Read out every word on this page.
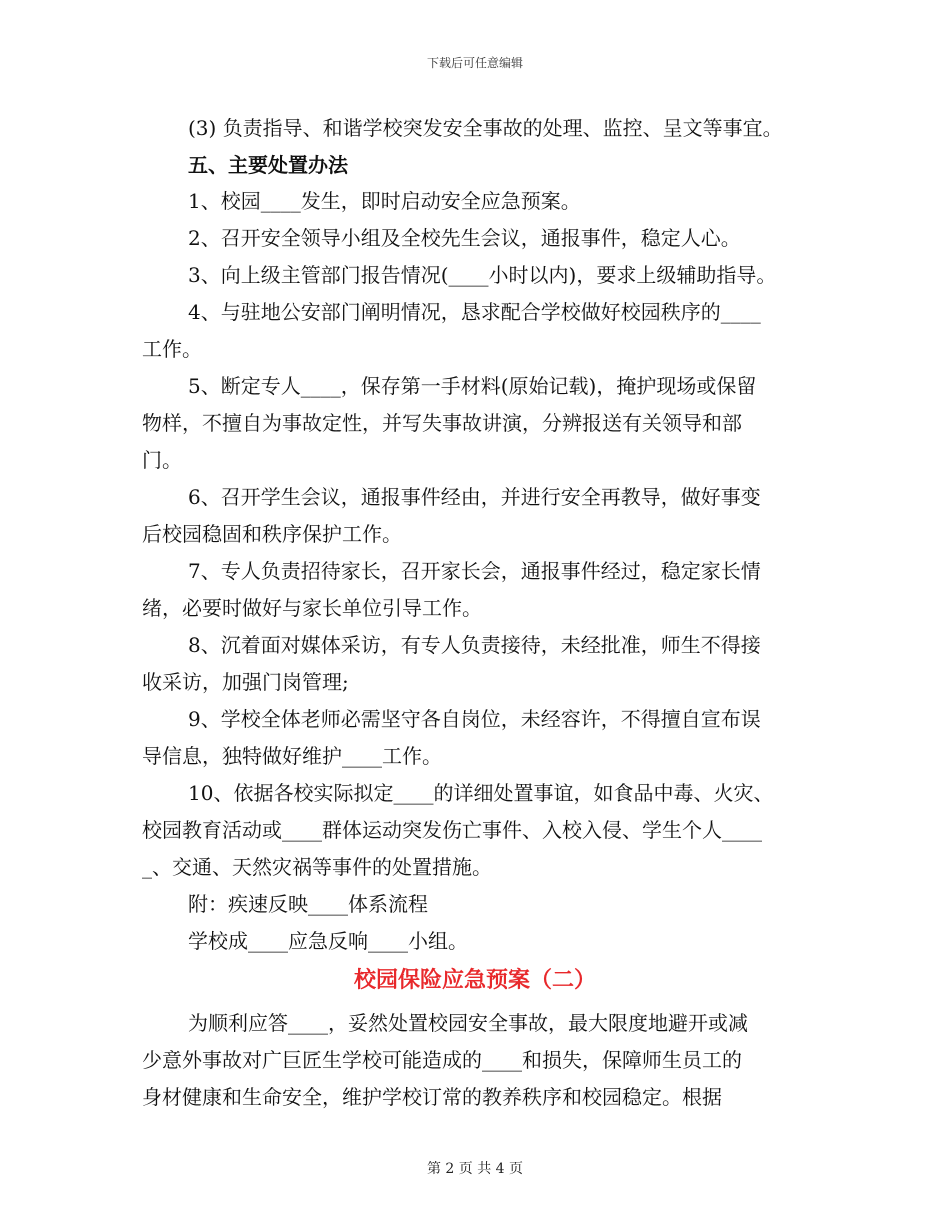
下载后可任意编辑
(3) 负责指导、和谐学校突发安全事故的处理、监控、呈文等事宜。
五、主要处置办法
1、校园____发生，即时启动安全应急预案。
2、召开安全领导小组及全校先生会议，通报事件，稳定人心。
3、向上级主管部门报告情况(____小时以内)，要求上级辅助指导。
4、与驻地公安部门阐明情况，恳求配合学校做好校园秩序的____
工作。
5、断定专人____，保存第一手材料(原始记载)，掩护现场或保留
物样，不擅自为事故定性，并写失事故讲演，分辨报送有关领导和部
门。
6、召开学生会议，通报事件经由，并进行安全再教导，做好事变
后校园稳固和秩序保护工作。
7、专人负责招待家长，召开家长会，通报事件经过，稳定家长情
绪，必要时做好与家长单位引导工作。
8、沉着面对媒体采访，有专人负责接待，未经批准，师生不得接
收采访，加强门岗管理;
9、学校全体老师必需坚守各自岗位，未经容许，不得擅自宣布误
导信息，独特做好维护____工作。
10、依据各校实际拟定____的详细处置事谊，如食品中毒、火灾、
校园教育活动或____群体运动突发伤亡事件、入校入侵、学生个人____
_、交通、天然灾祸等事件的处置措施。
附：疾速反映____体系流程
学校成____应急反响____小组。
校园保险应急预案（二）
为顺利应答____，妥然处置校园安全事故，最大限度地避开或减
少意外事故对广巨匠生学校可能造成的____和损失，保障师生员工的
身材健康和生命安全，维护学校订常的教养秩序和校园稳定。根据
第 2 页 共 4 页
